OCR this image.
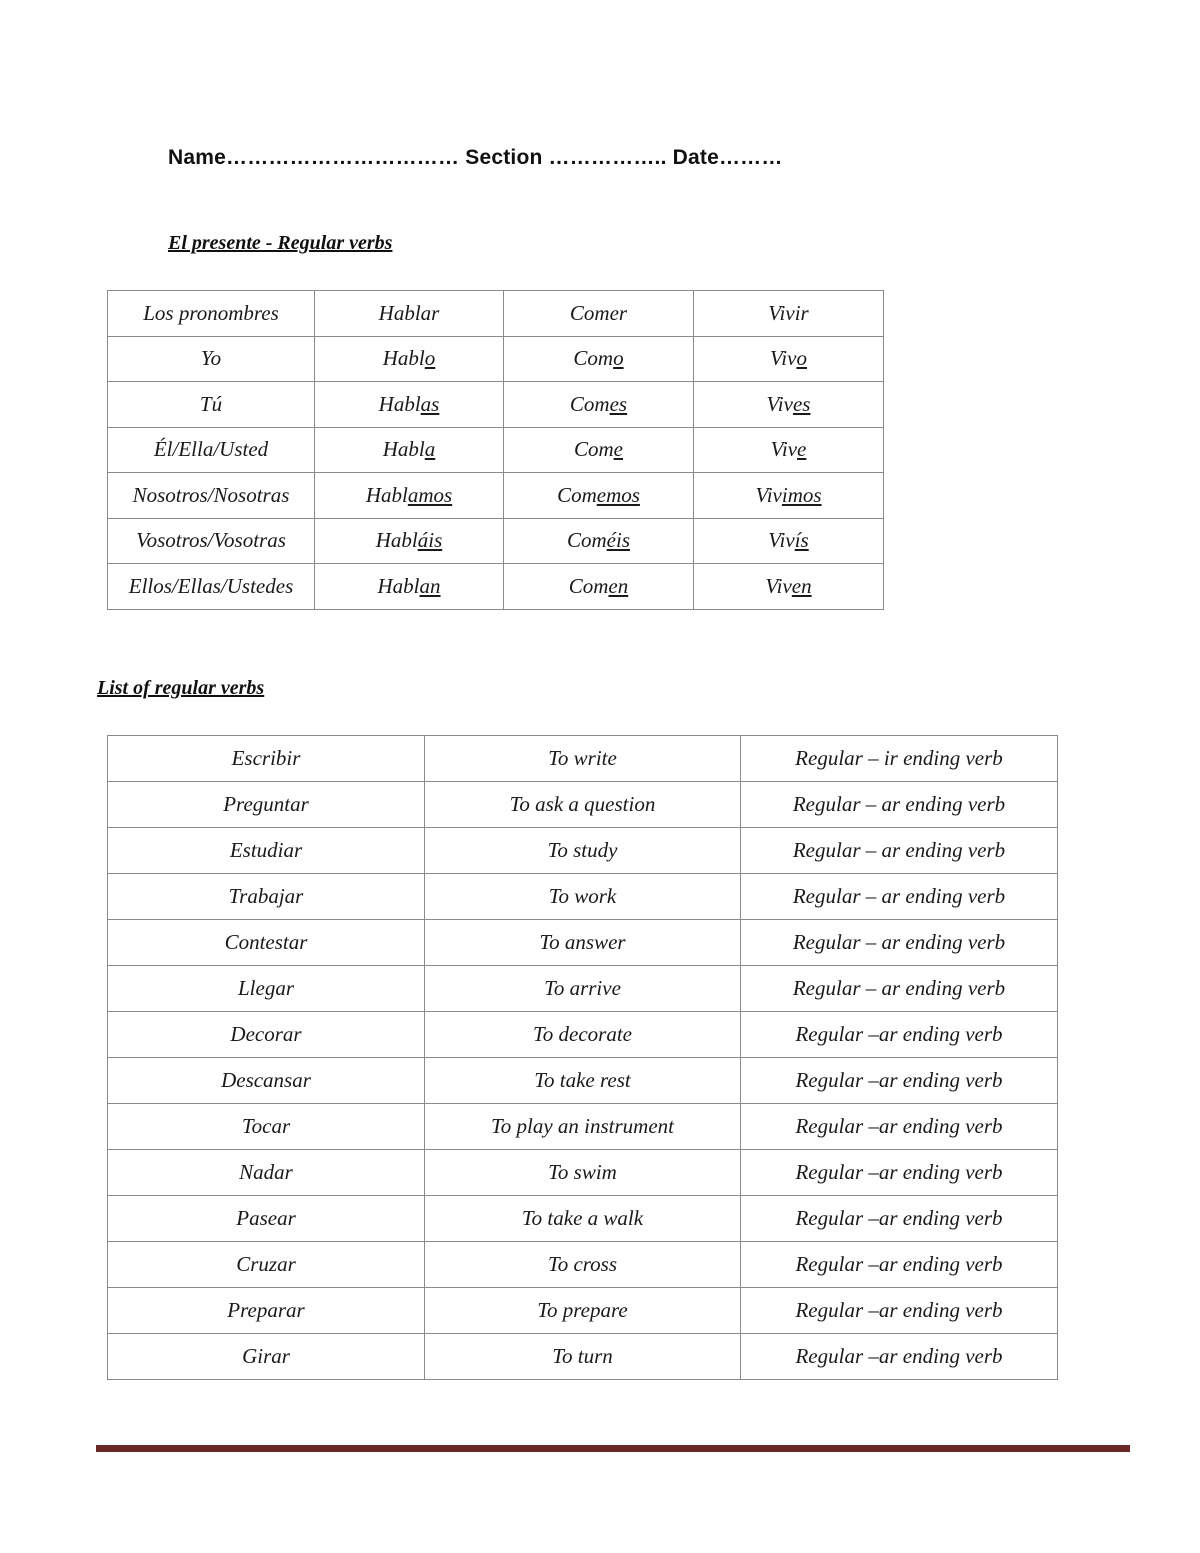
Name…………………………… Section …………….. Date………
El presente - Regular verbs
Los pronombres	Hablar	Comer	Vivir
Yo	Hablo	Como	Vivo
Tú	Hablas	Comes	Vives
Él/Ella/Usted	Habla	Come	Vive
Nosotros/Nosotras	Hablamos	Comemos	Vivimos
Vosotros/Vosotras	Habláis	Coméis	Vivís
Ellos/Ellas/Ustedes	Hablan	Comen	Viven
List of regular verbs
Escribir	To write	Regular – ir ending verb
Preguntar	To ask a question	Regular – ar ending verb
Estudiar	To study	Regular – ar ending verb
Trabajar	To work	Regular – ar ending verb
Contestar	To answer	Regular – ar ending verb
Llegar	To arrive	Regular – ar ending verb
Decorar	To decorate	Regular –ar ending verb
Descansar	To take rest	Regular –ar ending verb
Tocar	To play an instrument	Regular –ar ending verb
Nadar	To swim	Regular –ar ending verb
Pasear	To take a walk	Regular –ar ending verb
Cruzar	To cross	Regular –ar ending verb
Preparar	To prepare	Regular –ar ending verb
Girar	To turn	Regular –ar ending verb
